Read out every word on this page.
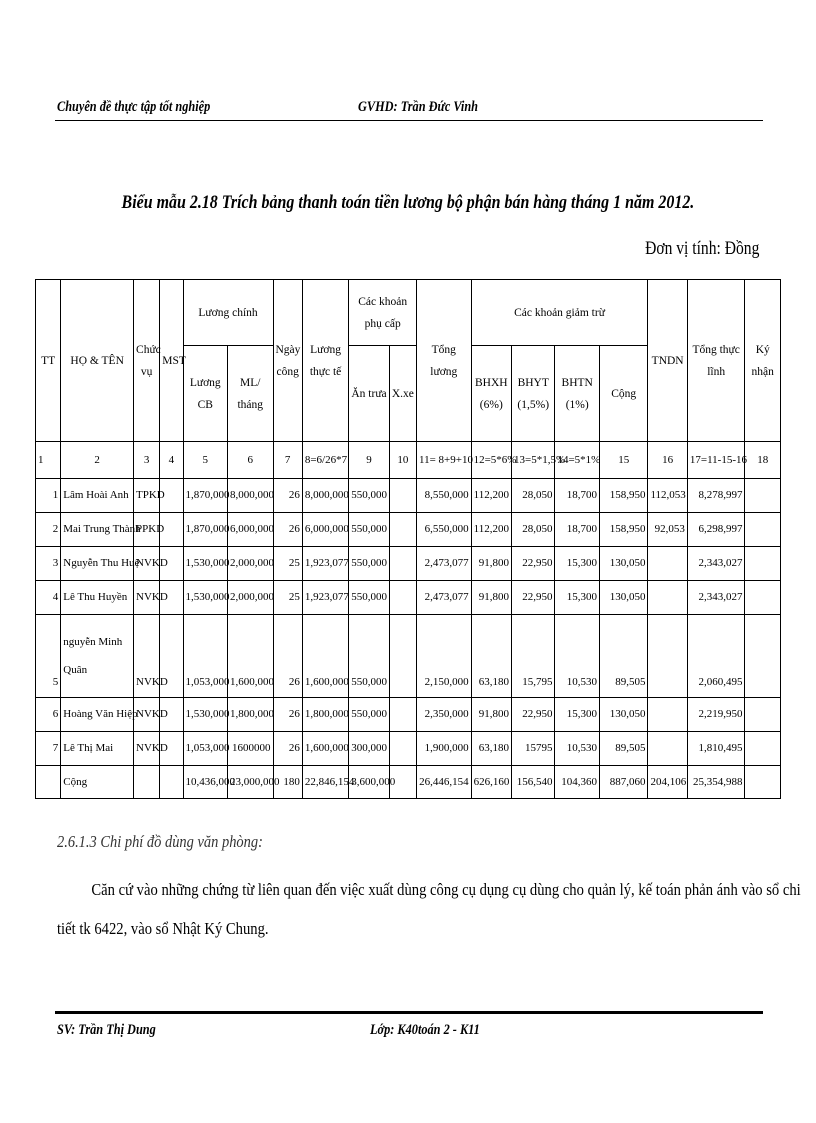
Chuyên đề thực tập tốt nghiệp	GVHD: Trần Đức Vinh
Biểu mẫu 2.18 Trích bảng thanh toán tiền lương bộ phận bán hàng tháng 1 năm 2012.
Đơn vị tính: Đồng
TT	HỌ & TÊN	Chức vụ	MST	Lương chính		Ngày công	Lương thực tế	Các khoản phụ cấp		Tổng lương	Các khoản giảm trừ				TNDN	Tổng thực lĩnh	Ký nhận
				Lương CB	ML/ tháng			Ăn trưa	X.xe		BHXH (6%)	BHYT (1,5%)	BHTN (1%)	Cộng			
1	2	3	4	5	6	7	8=6/26*7	9	10	11= 8+9+10	12=5*6%	13=5*1,5%	14=5*1%	15	16	17=11-15-16	18
1	Lâm Hoài Anh	TPKD		1,870,000	8,000,000	26	8,000,000	550,000		8,550,000	112,200	28,050	18,700	158,950	112,053	8,278,997	
2	Mai Trung Thành	PPKD		1,870,000	6,000,000	26	6,000,000	550,000		6,550,000	112,200	28,050	18,700	158,950	92,053	6,298,997	
3	Nguyễn Thu Huệ	NVKD		1,530,000	2,000,000	25	1,923,077	550,000		2,473,077	91,800	22,950	15,300	130,050		2,343,027	
4	Lê Thu Huyền	NVKD		1,530,000	2,000,000	25	1,923,077	550,000		2,473,077	91,800	22,950	15,300	130,050		2,343,027	
5	nguyễn Minh Quân	NVKD		1,053,000	1,600,000	26	1,600,000	550,000		2,150,000	63,180	15,795	10,530	89,505		2,060,495	
6	Hoàng Văn Hiệp	NVKD		1,530,000	1,800,000	26	1,800,000	550,000		2,350,000	91,800	22,950	15,300	130,050		2,219,950	
7	Lê Thị Mai	NVKD		1,053,000	1600000	26	1,600,000	300,000		1,900,000	63,180	15795	10,530	89,505		1,810,495	
	Cộng			10,436,000	23,000,000	180	22,846,154	3,600,000		26,446,154	626,160	156,540	104,360	887,060	204,106	25,354,988	
2.6.1.3 Chi phí đồ dùng văn phòng:

Căn cứ vào những chứng từ liên quan đến việc xuất dùng công cụ dụng cụ dùng cho quản lý, kế toán phản ánh vào sổ chi

tiết tk 6422, vào sổ Nhật Ký Chung.

SV: Trần Thị Dung	Lớp: K40toán 2 - K11
